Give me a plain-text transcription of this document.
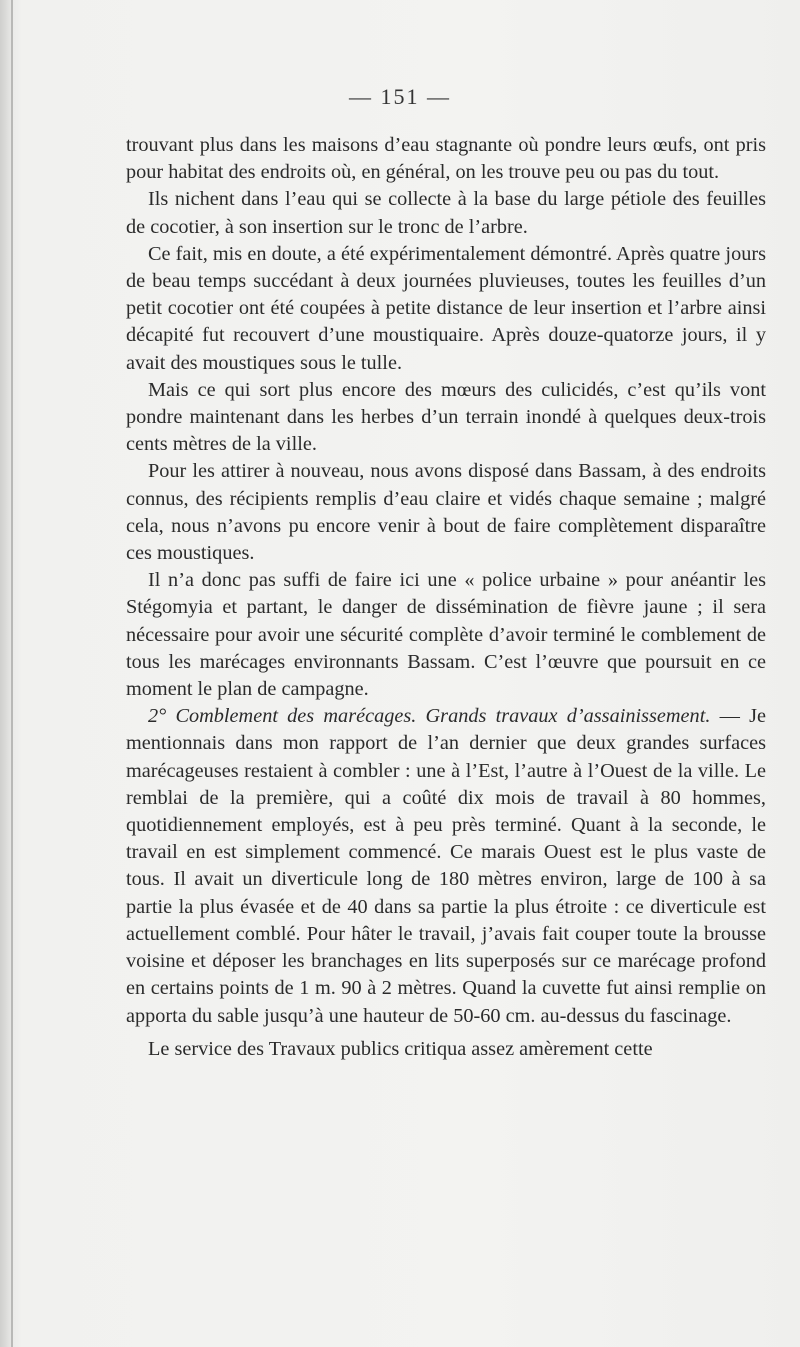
— 151 —

trouvant plus dans les maisons d’eau stagnante où pondre leurs œufs, ont pris pour habitat des endroits où, en général, on les trouve peu ou pas du tout.

Ils nichent dans l’eau qui se collecte à la base du large pétiole des feuilles de cocotier, à son insertion sur le tronc de l’arbre.

Ce fait, mis en doute, a été expérimentalement démontré. Après quatre jours de beau temps succédant à deux journées pluvieuses, toutes les feuilles d’un petit cocotier ont été coupées à petite distance de leur insertion et l’arbre ainsi décapité fut recouvert d’une moustiquaire. Après douze-quatorze jours, il y avait des moustiques sous le tulle.

Mais ce qui sort plus encore des mœurs des culicidés, c’est qu’ils vont pondre maintenant dans les herbes d’un terrain inondé à quelques deux-trois cents mètres de la ville.

Pour les attirer à nouveau, nous avons disposé dans Bassam, à des endroits connus, des récipients remplis d’eau claire et vidés chaque semaine ; malgré cela, nous n’avons pu encore venir à bout de faire complètement disparaître ces moustiques.

Il n’a donc pas suffi de faire ici une « police urbaine » pour anéantir les Stégomyia et partant, le danger de dissémination de fièvre jaune ; il sera nécessaire pour avoir une sécurité complète d’avoir terminé le comblement de tous les marécages environnants Bassam. C’est l’œuvre que poursuit en ce moment le plan de campagne.

2° Comblement des marécages. Grands travaux d’assainissement. — Je mentionnais dans mon rapport de l’an dernier que deux grandes surfaces marécageuses restaient à combler : une à l’Est, l’autre à l’Ouest de la ville. Le remblai de la première, qui a coûté dix mois de travail à 80 hommes, quotidiennement employés, est à peu près terminé. Quant à la seconde, le travail en est simplement commencé. Ce marais Ouest est le plus vaste de tous. Il avait un diverticule long de 180 mètres environ, large de 100 à sa partie la plus évasée et de 40 dans sa partie la plus étroite : ce diverticule est actuellement comblé. Pour hâter le travail, j’avais fait couper toute la brousse voisine et déposer les branchages en lits superposés sur ce marécage profond en certains points de 1 m. 90 à 2 mètres. Quand la cuvette fut ainsi remplie on apporta du sable jusqu’à une hauteur de 50-60 cm. au-dessus du fascinage.

Le service des Travaux publics critiqua assez amèrement cette
